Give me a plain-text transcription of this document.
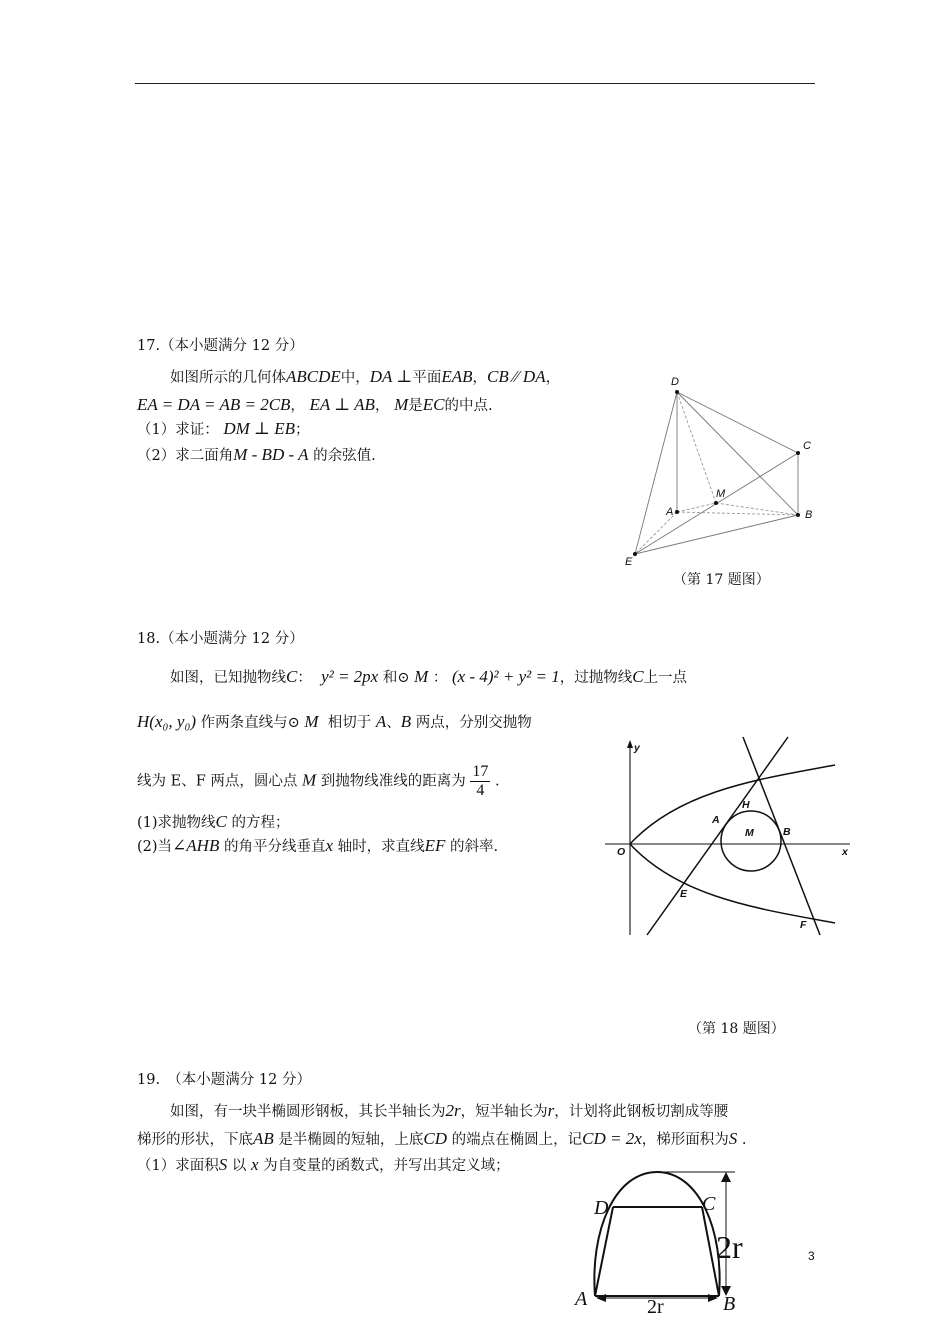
17.（本小题满分 12 分）
如图所示的几何体ABCDE中，DA ⊥平面EAB，CB ∕∕ DA，
EA = DA = AB = 2CB， EA ⊥ AB， M是EC的中点.
（1）求证： DM ⊥ EB；
（2）求二面角M - BD - A 的余弦值.
D
C
M
A	B
E
（第 17 题图）
18.（本小题满分 12 分）
如图，已知抛物线C： y² = 2px 和⊙ M ： (x - 4)² + y² = 1，过抛物线C上一点
H(x₀, y₀) 作两条直线与⊙ M 相切于 A、B 两点，分别交抛物
线为 E、F 两点，圆心点 M 到抛物线准线的距离为 $\frac{17}{4}$ .
(1)求抛物线C 的方程；
(2)当∠AHB 的角平分线垂直x 轴时，求直线EF 的斜率.
y
x
O
H
A
M	B
E
F
（第 18 题图）
19.　（本小题满分 12 分）
如图，有一块半椭圆形钢板，其长半轴长为2r，短半轴长为r，计划将此钢板切割成等腰
梯形的形状，下底AB 是半椭圆的短轴，上底CD 的端点在椭圆上，记CD = 2x，梯形面积为S .
（1）求面积S 以 x 为自变量的函数式，并写出其定义域；
D	C
A	B
2r
2r	3
